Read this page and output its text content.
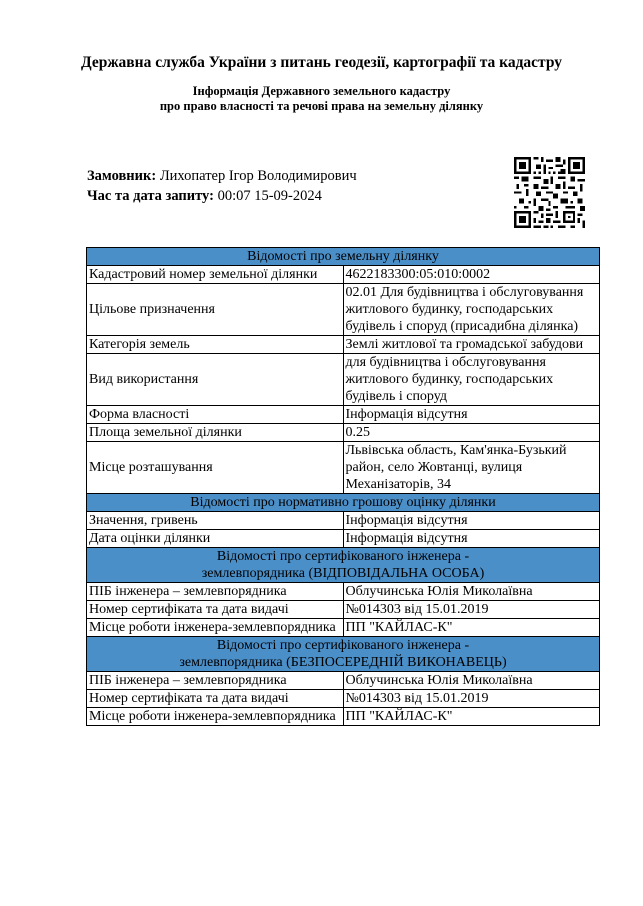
Державна служба України з питань геодезії, картографії та кадастру
Інформація Державного земельного кадастру
про право власності та речові права на земельну ділянку
Замовник: Лихопатер Ігор Володимирович
Час та дата запиту: 00:07 15-09-2024
Відомості про земельну ділянку	
Кадастровий номер земельної ділянки	4622183300:05:010:0002
Цільове призначення	02.01 Для будівництва і обслуговування житлового будинку, господарських будівель і споруд (присадибна ділянка)
Категорія земель	Землі житлової та громадської забудови
Вид використання	для будівництва і обслуговування житлового будинку, господарських будівель і споруд
Форма власності	Інформація відсутня
Площа земельної ділянки	0.25
Місце розташування	Львівська область, Кам'янка-Бузький район, село Жовтанці, вулиця Механізаторів, 34
Відомості про нормативно грошову оцінку ділянки	
Значення, гривень	Інформація відсутня
Дата оцінки ділянки	Інформація відсутня

Відомості про сертифікованого інженера -
землевпорядника (ВІДПОВІДАЛЬНА ОСОБА)	

ПІБ інженера – землевпорядника	Облучинська Юлія Миколаївна
Номер сертифіката та дата видачі	№014303 від 15.01.2019
Місце роботи інженера-землевпорядника	ПП "КАЙЛАС-К"

Відомості про сертифікованого інженера -
землевпорядника (БЕЗПОСЕРЕДНІЙ ВИКОНАВЕЦЬ)	

ПІБ інженера – землевпорядника	Облучинська Юлія Миколаївна
Номер сертифіката та дата видачі	№014303 від 15.01.2019
Місце роботи інженера-землевпорядника	ПП "КАЙЛАС-К"
